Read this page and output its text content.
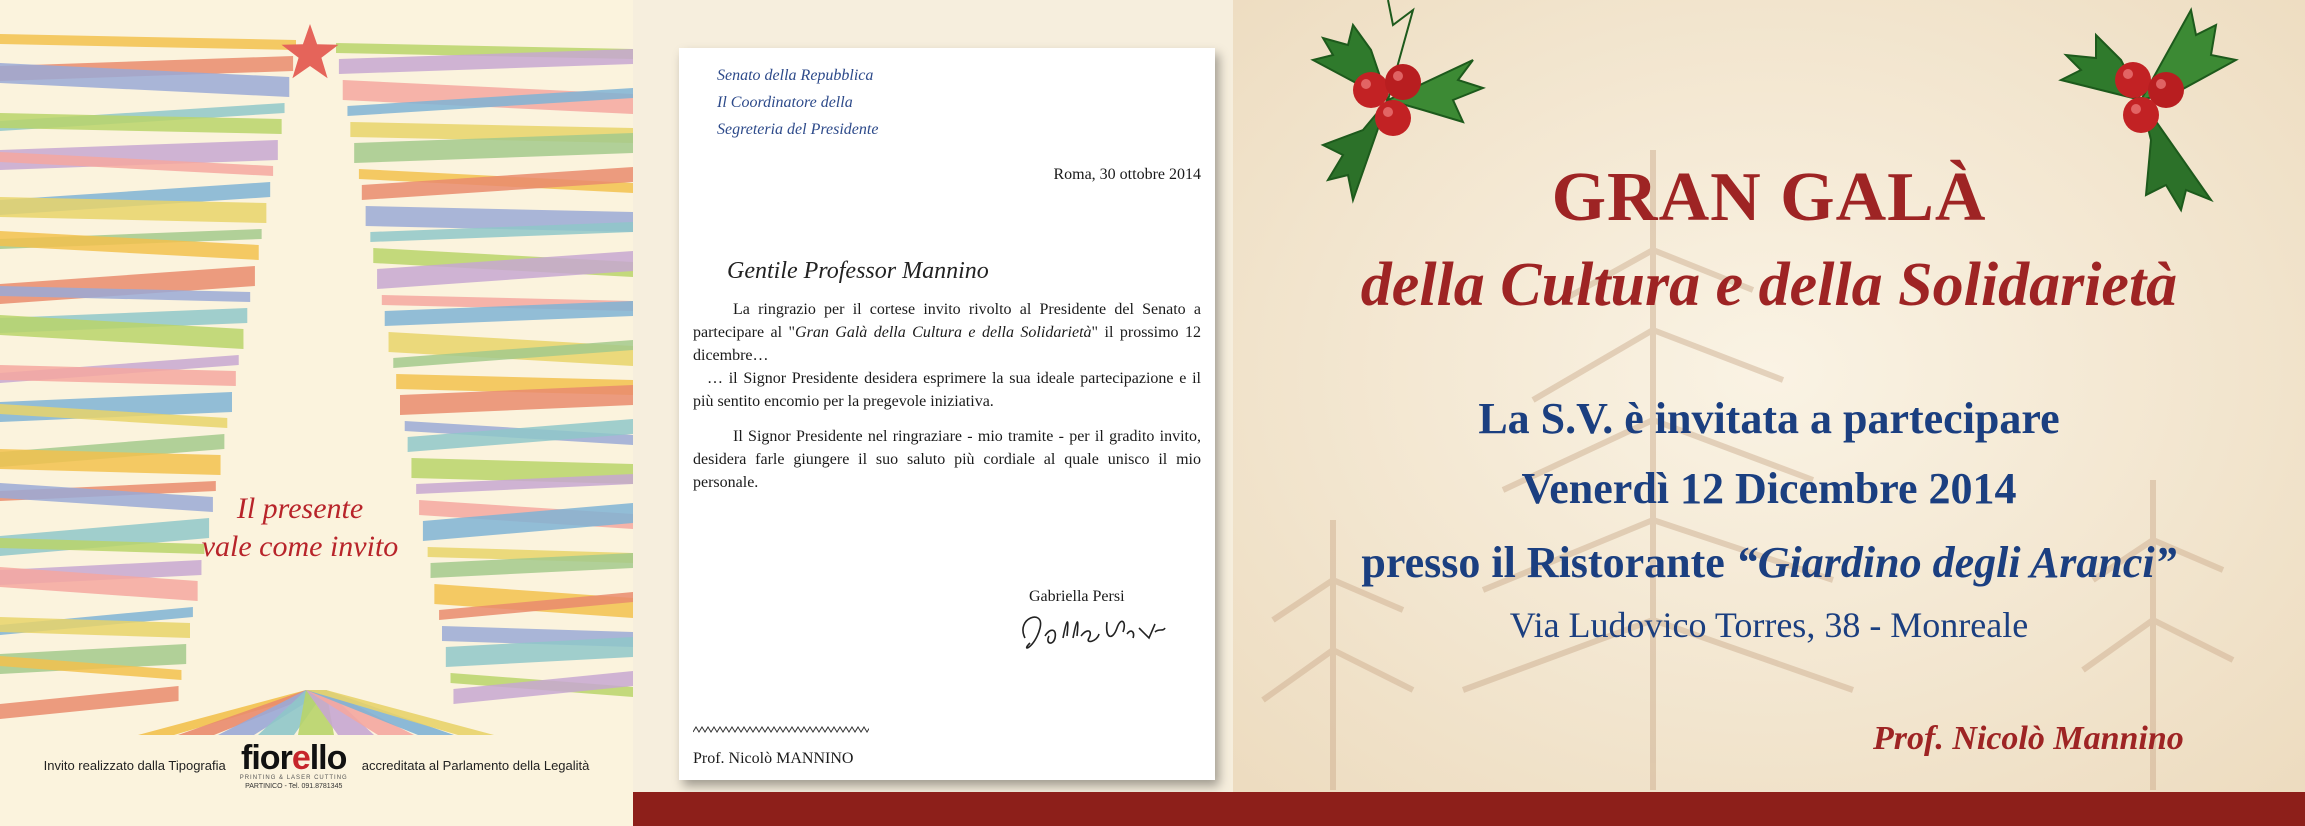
Il presente
vale come invito
Invito realizzato dalla Tipografia fiorello
PRINTING & LASER CUTTING
PARTINICO - Tel. 091.8781345
accreditata al Parlamento della Legalità
Senato della Repubblica
Il Coordinatore della
Segreteria del Presidente
Roma, 30 ottobre 2014
Gentile Professor Mannino

La ringrazio per il cortese invito rivolto al Presidente del Senato a partecipare al "Gran Galà della Cultura e della Solidarietà" il prossimo 12 dicembre…

… il Signor Presidente desidera esprimere la sua ideale partecipazione e il più sentito encomio per la pregevole iniziativa.

Il Signor Presidente nel ringraziare - mio tramite - per il gradito invito, desidera farle giungere il suo saluto più cordiale al quale unisco il mio personale.

Gabriella Persi
Prof. Nicolò MANNINO
GRAN GALÀ
della Cultura e della Solidarietà
La S.V. è invitata a partecipare
Venerdì 12 Dicembre 2014
presso il Ristorante “Giardino degli Aranci”
Via Ludovico Torres, 38 - Monreale
Prof. Nicolò Mannino
